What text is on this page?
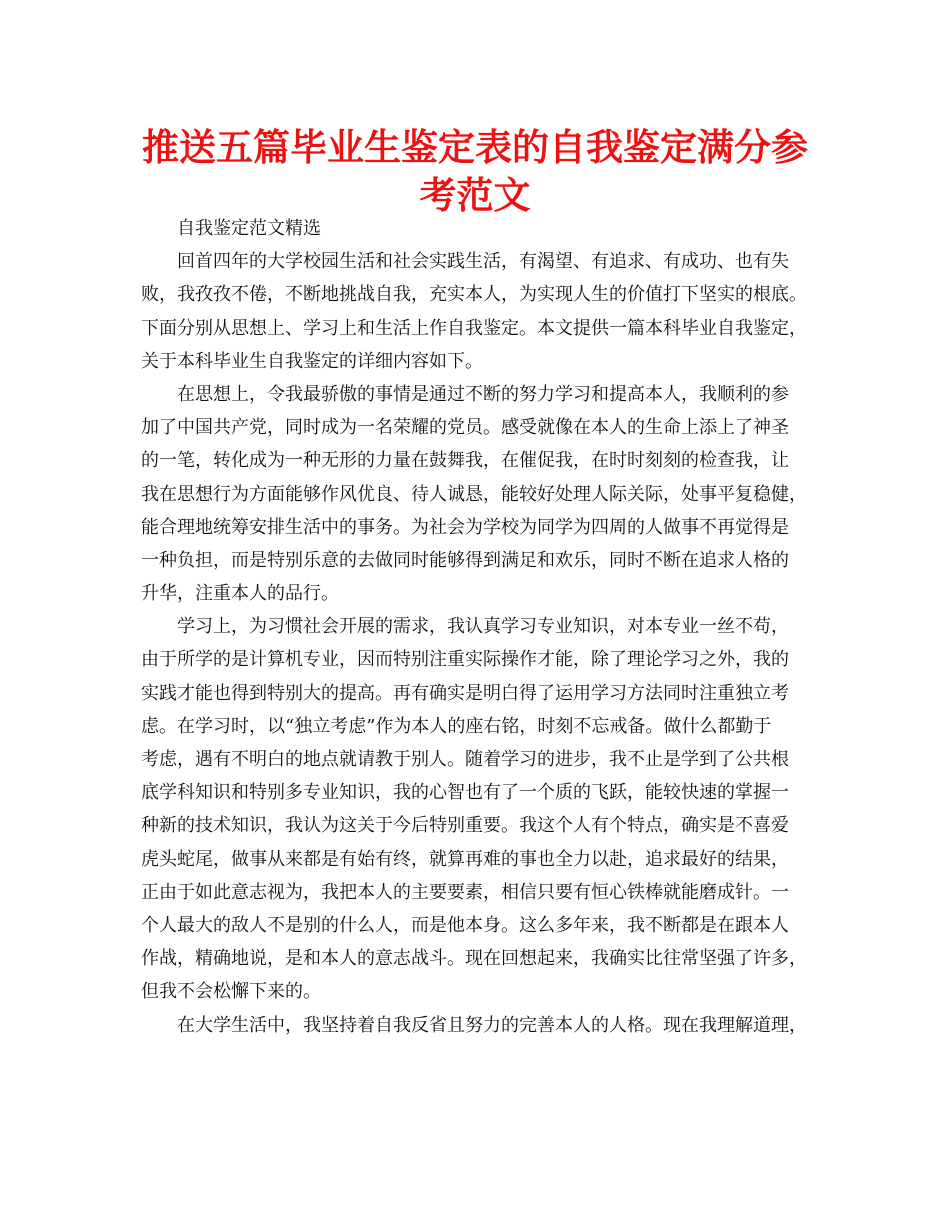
推送五篇毕业生鉴定表的自我鉴定满分参
考范文
自我鉴定范文精选
回首四年的大学校园生活和社会实践生活，有渴望、有追求、有成功、也有失
败，我孜孜不倦，不断地挑战自我，充实本人，为实现人生的价值打下坚实的根底。
下面分别从思想上、学习上和生活上作自我鉴定。本文提供一篇本科毕业自我鉴定，
关于本科毕业生自我鉴定的详细内容如下。
在思想上，令我最骄傲的事情是通过不断的努力学习和提高本人，我顺利的参
加了中国共产党，同时成为一名荣耀的党员。感受就像在本人的生命上添上了神圣
的一笔，转化成为一种无形的力量在鼓舞我，在催促我，在时时刻刻的检查我，让
我在思想行为方面能够作风优良、待人诚恳，能较好处理人际关际，处事平复稳健，
能合理地统筹安排生活中的事务。为社会为学校为同学为四周的人做事不再觉得是
一种负担，而是特别乐意的去做同时能够得到满足和欢乐，同时不断在追求人格的
升华，注重本人的品行。
学习上，为习惯社会开展的需求，我认真学习专业知识，对本专业一丝不苟，
由于所学的是计算机专业，因而特别注重实际操作才能，除了理论学习之外，我的
实践才能也得到特别大的提高。再有确实是明白得了运用学习方法同时注重独立考
虑。在学习时，以“独立考虑”作为本人的座右铭，时刻不忘戒备。做什么都勤于
考虑，遇有不明白的地点就请教于别人。随着学习的进步，我不止是学到了公共根
底学科知识和特别多专业知识，我的心智也有了一个质的飞跃，能较快速的掌握一
种新的技术知识，我认为这关于今后特别重要。我这个人有个特点，确实是不喜爱
虎头蛇尾，做事从来都是有始有终，就算再难的事也全力以赴，追求最好的结果，
正由于如此意志视为，我把本人的主要要素，相信只要有恒心铁棒就能磨成针。一
个人最大的敌人不是别的什么人，而是他本身。这么多年来，我不断都是在跟本人
作战，精确地说，是和本人的意志战斗。现在回想起来，我确实比往常坚强了许多，
但我不会松懈下来的。
在大学生活中，我坚持着自我反省且努力的完善本人的人格。现在我理解道理，
